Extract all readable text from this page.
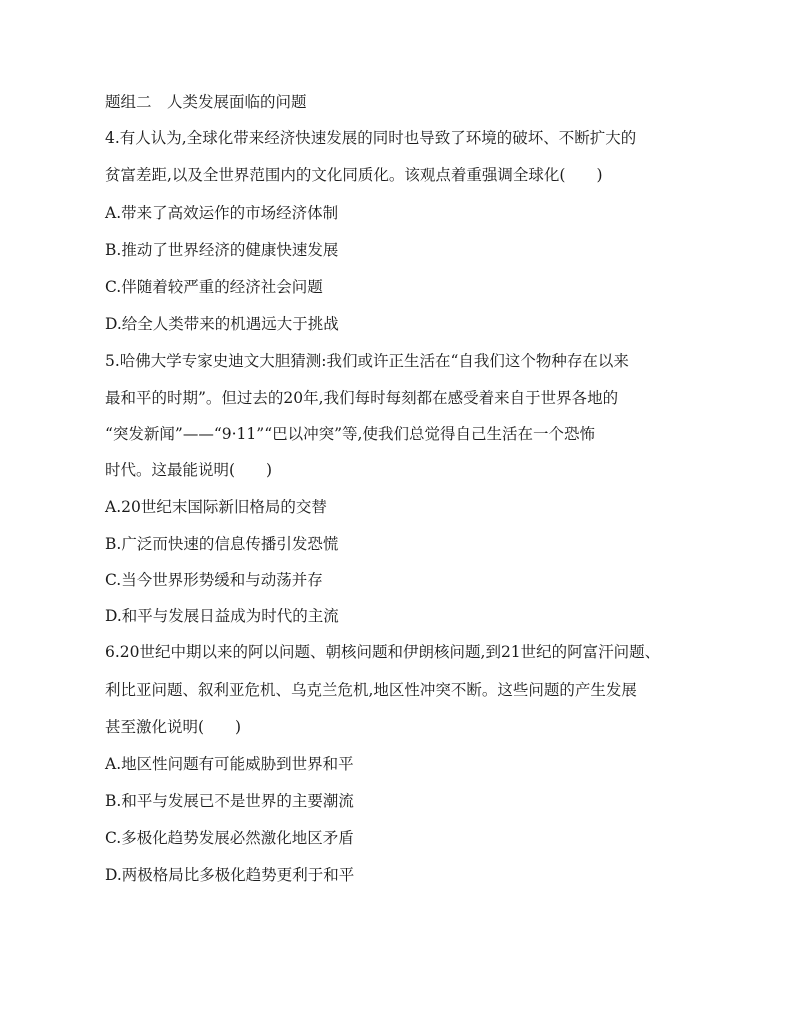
题组二　人类发展面临的问题
4.有人认为,全球化带来经济快速发展的同时也导致了环境的破坏、不断扩大的
贫富差距,以及全世界范围内的文化同质化。该观点着重强调全球化(　　)
A.带来了高效运作的市场经济体制
B.推动了世界经济的健康快速发展
C.伴随着较严重的经济社会问题
D.给全人类带来的机遇远大于挑战
5.哈佛大学专家史迪文大胆猜测:我们或许正生活在“自我们这个物种存在以来
最和平的时期”。但过去的20年,我们每时每刻都在感受着来自于世界各地的
“突发新闻”——“9·11”“巴以冲突”等,使我们总觉得自己生活在一个恐怖
时代。这最能说明(　　)
A.20世纪末国际新旧格局的交替
B.广泛而快速的信息传播引发恐慌
C.当今世界形势缓和与动荡并存
D.和平与发展日益成为时代的主流
6.20世纪中期以来的阿以问题、朝核问题和伊朗核问题,到21世纪的阿富汗问题、
利比亚问题、叙利亚危机、乌克兰危机,地区性冲突不断。这些问题的产生发展
甚至激化说明(　　)
A.地区性问题有可能威胁到世界和平
B.和平与发展已不是世界的主要潮流
C.多极化趋势发展必然激化地区矛盾
D.两极格局比多极化趋势更利于和平
